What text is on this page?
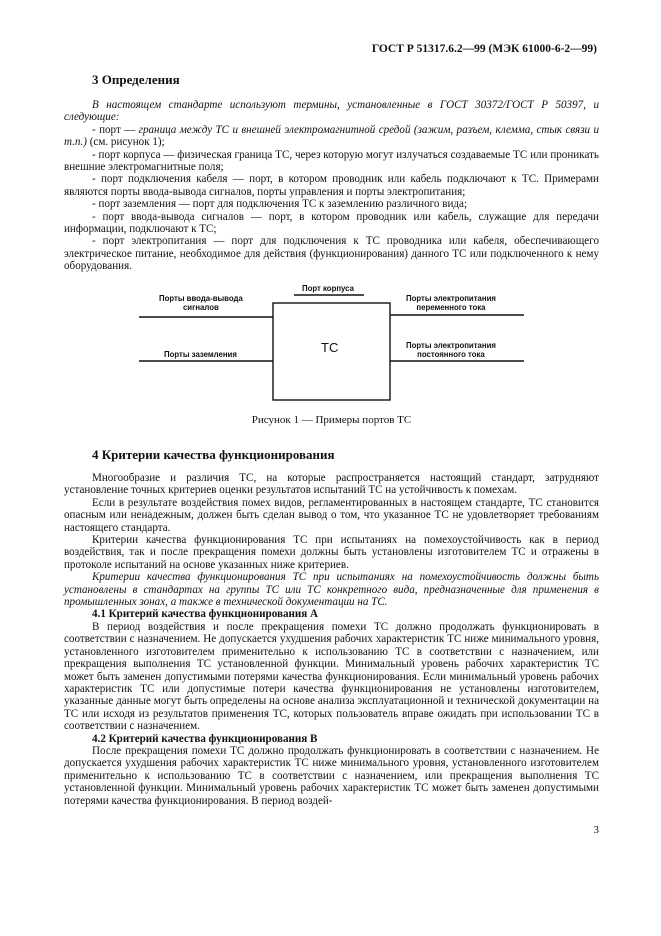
ГОСТ Р 51317.6.2—99 (МЭК 61000-6-2—99)
3 Определения

В настоящем стандарте используют термины, установленные в ГОСТ 30372/ГОСТ Р 50397, и следующие:

- порт — граница между ТС и внешней электромагнитной средой (зажим, разъем, клемма, стык связи и т.п.) (см. рисунок 1);

- порт корпуса — физическая граница ТС, через которую могут излучаться создаваемые ТС или проникать внешние электромагнитные поля;

- порт подключения кабеля — порт, в котором проводник или кабель подключают к ТС. Примерами являются порты ввода-вывода сигналов, порты управления и порты электропитания;

- порт заземления — порт для подключения ТС к заземлению различного вида;

- порт ввода-вывода сигналов — порт, в котором проводник или кабель, служащие для передачи информации, подключают к ТС;

- порт электропитания — порт для подключения к ТС проводника или кабеля, обеспечивающего электрическое питание, необходимое для действия (функционирования) данного ТС или подключенного к нему оборудования.

Порт корпуса
Порты ввода-вывода
сигналов
Порты заземления
Порты электропитания
переменного тока
Порты электропитания
постоянного тока
ТС
Рисунок 1 — Примеры портов ТС
4 Критерии качества функционирования

Многообразие и различия ТС, на которые распространяется настоящий стандарт, затрудняют установление точных критериев оценки результатов испытаний ТС на устойчивость к помехам.

Если в результате воздействия помех видов, регламентированных в настоящем стандарте, ТС становится опасным или ненадежным, должен быть сделан вывод о том, что указанное ТС не удовлетворяет требованиям настоящего стандарта.

Критерии качества функционирования ТС при испытаниях на помехоустойчивость как в период воздействия, так и после прекращения помехи должны быть установлены изготовителем ТС и отражены в протоколе испытаний на основе указанных ниже критериев.

Критерии качества функционирования ТС при испытаниях на помехоустойчивость должны быть установлены в стандартах на группы ТС или ТС конкретного вида, предназначенные для применения в промышленных зонах, а также в технической документации на ТС.

4.1 Критерий качества функционирования А

В период воздействия и после прекращения помехи ТС должно продолжать функционировать в соответствии с назначением. Не допускается ухудшения рабочих характеристик ТС ниже минимального уровня, установленного изготовителем применительно к использованию ТС в соответствии с назначением, или прекращения выполнения ТС установленной функции. Минимальный уровень рабочих характеристик ТС может быть заменен допустимыми потерями качества функционирования. Если минимальный уровень рабочих характеристик ТС или допустимые потери качества функционирования не установлены изготовителем, указанные данные могут быть определены на основе анализа эксплуатационной и технической документации на ТС или исходя из результатов применения ТС, которых пользователь вправе ожидать при использовании ТС в соответствии с назначением.

4.2 Критерий качества функционирования В

После прекращения помехи ТС должно продолжать функционировать в соответствии с назначением. Не допускается ухудшения рабочих характеристик ТС ниже минимального уровня, установленного изготовителем применительно к использованию ТС в соответствии с назначением, или прекращения выполнения ТС установленной функции. Минимальный уровень рабочих характеристик ТС может быть заменен допустимыми потерями качества функционирования. В период воздей-

3
